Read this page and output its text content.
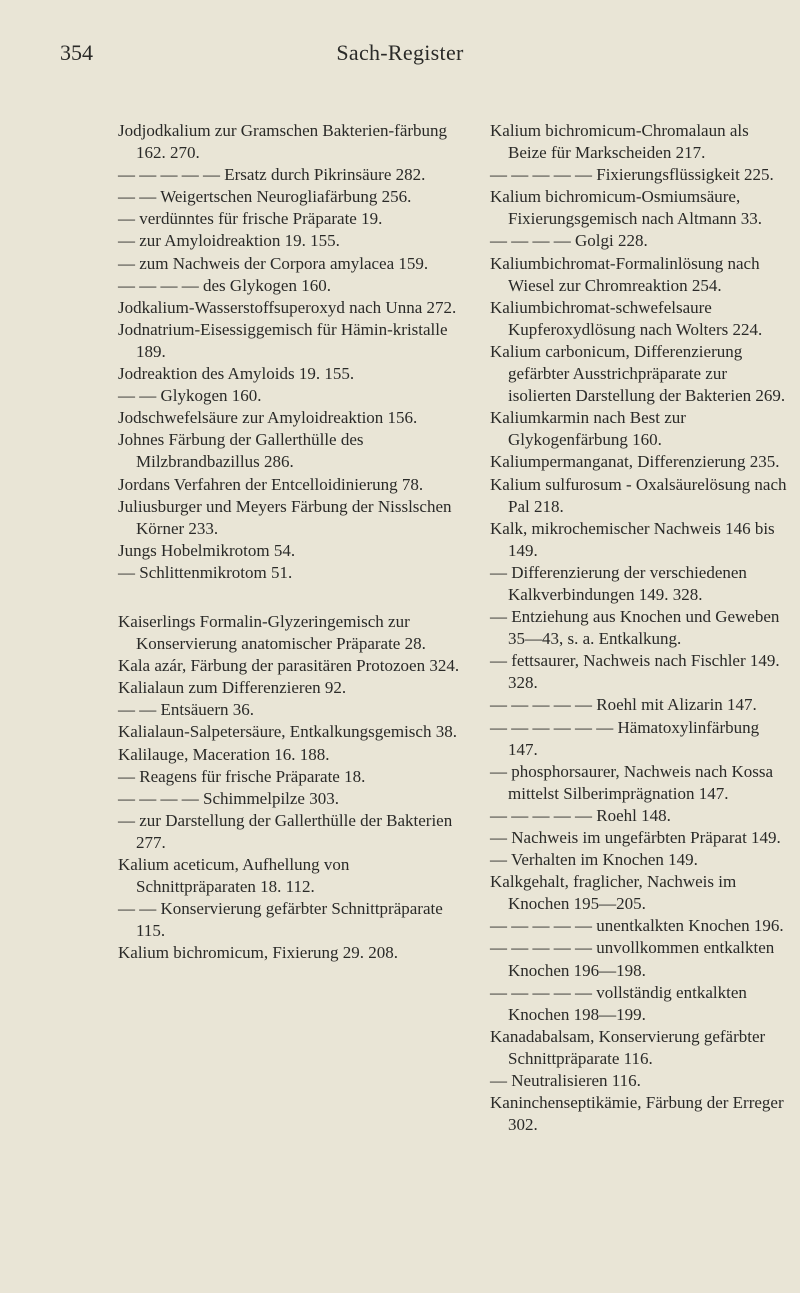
354	Sach-Register

Jodjodkalium zur Gramschen Bakterien-färbung 162. 270.

— — — — — Ersatz durch Pikrinsäure 282.

— — Weigertschen Neurogliafärbung 256.

— verdünntes für frische Präparate 19.

— zur Amyloidreaktion 19. 155.

— zum Nachweis der Corpora amylacea 159.

— — — — des Glykogen 160.

Jodkalium-Wasserstoffsuperoxyd nach Unna 272.

Jodnatrium-Eisessiggemisch für Hämin-kristalle 189.

Jodreaktion des Amyloids 19. 155.

— — Glykogen 160.

Jodschwefelsäure zur Amyloidreaktion 156.

Johnes Färbung der Gallerthülle des Milzbrandbazillus 286.

Jordans Verfahren der Entcelloidinierung 78.

Juliusburger und Meyers Färbung der Nisslschen Körner 233.

Jungs Hobelmikrotom 54.

— Schlittenmikrotom 51.

Kaiserlings Formalin-Glyzeringemisch zur Konservierung anatomischer Präparate 28.

Kala azár, Färbung der parasitären Protozoen 324.

Kalialaun zum Differenzieren 92.

— — Entsäuern 36.

Kalialaun-Salpetersäure, Entkalkungsgemisch 38.

Kalilauge, Maceration 16. 188.

— Reagens für frische Präparate 18.

— — — — Schimmelpilze 303.

— zur Darstellung der Gallerthülle der Bakterien 277.

Kalium aceticum, Aufhellung von Schnittpräparaten 18. 112.

— — Konservierung gefärbter Schnittpräparate 115.

Kalium bichromicum, Fixierung 29. 208.

Kalium bichromicum-Chromalaun als Beize für Markscheiden 217.

— — — — — Fixierungsflüssigkeit 225.

Kalium bichromicum-Osmiumsäure, Fixierungsgemisch nach Altmann 33.

— — — — Golgi 228.

Kaliumbichromat-Formalinlösung nach Wiesel zur Chromreaktion 254.

Kaliumbichromat-schwefelsaure Kupferoxydlösung nach Wolters 224.

Kalium carbonicum, Differenzierung gefärbter Ausstrichpräparate zur isolierten Darstellung der Bakterien 269.

Kaliumkarmin nach Best zur Glykogenfärbung 160.

Kaliumpermanganat, Differenzierung 235.

Kalium sulfurosum - Oxalsäurelösung nach Pal 218.

Kalk, mikrochemischer Nachweis 146 bis 149.

— Differenzierung der verschiedenen Kalkverbindungen 149. 328.

— Entziehung aus Knochen und Geweben 35—43, s. a. Entkalkung.

— fettsaurer, Nachweis nach Fischler 149. 328.

— — — — — Roehl mit Alizarin 147.

— — — — — — Hämatoxylinfärbung 147.

— phosphorsaurer, Nachweis nach Kossa mittelst Silberimprägnation 147.

— — — — — Roehl 148.

— Nachweis im ungefärbten Präparat 149.

— Verhalten im Knochen 149.

Kalkgehalt, fraglicher, Nachweis im Knochen 195—205.

— — — — — unentkalkten Knochen 196.

— — — — — unvollkommen entkalkten Knochen 196—198.

— — — — — vollständig entkalkten Knochen 198—199.

Kanadabalsam, Konservierung gefärbter Schnittpräparate 116.

— Neutralisieren 116.

Kaninchenseptikämie, Färbung der Erreger 302.
